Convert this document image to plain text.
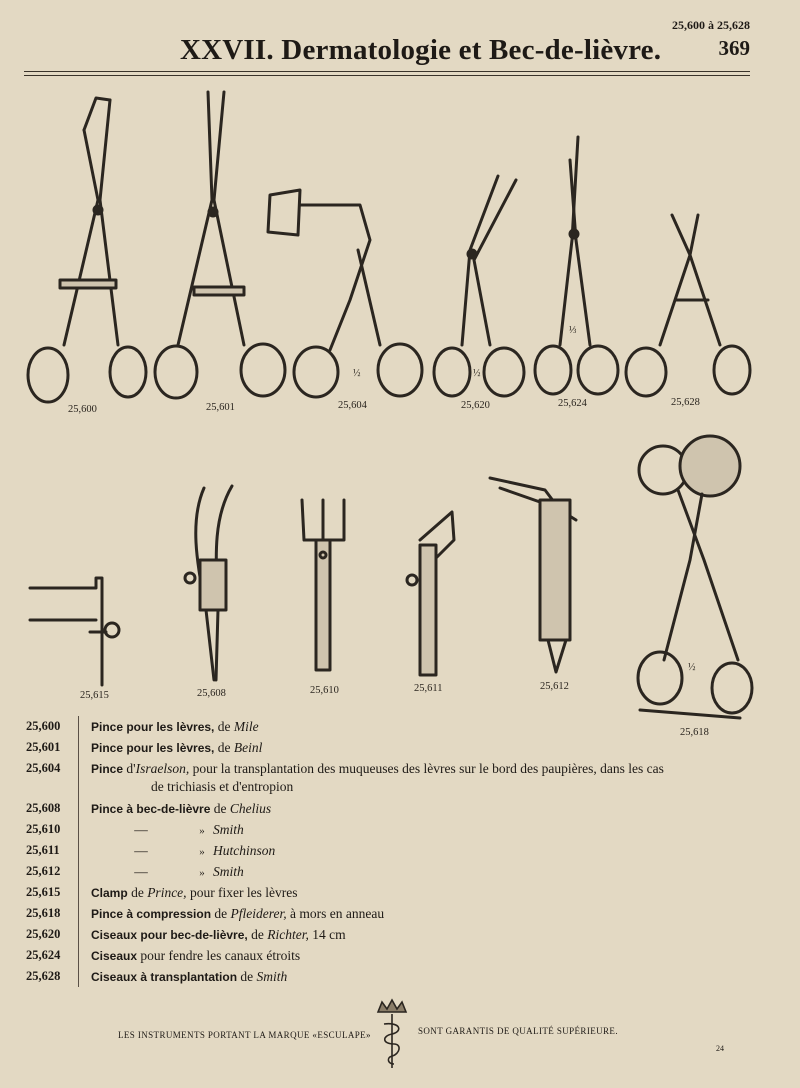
25,600 à 25,628
XXVII. Dermatologie et Bec-de-lièvre.	369
25,600	25,601	25,604	25,620	25,624	25,628
25,615	25,608	25,610	25,611	25,612
25,618
½	½
⅓
½
25,600	Pince pour les lèvres, de Mile
25,601	Pince pour les lèvres, de Beinl
25,604	Pince d'Israelson, pour la transplantation des muqueuses des lèvres sur le bord des paupières, dans les cas
de trichiasis et d'entropion
25,608	Pince à bec-de-lièvre de Chelius
25,610	—	» Smith
25,611	—	» Hutchinson
25,612	—	» Smith
25,615	Clamp de Prince, pour fixer les lèvres
25,618	Pince à compression de Pfleiderer, à mors en anneau
25,620	Ciseaux pour bec-de-lièvre, de Richter, 14 cm
25,624	Ciseaux pour fendre les canaux étroits
25,628	Ciseaux à transplantation de Smith
LES INSTRUMENTS PORTANT LA MARQUE «ESCULAPE»	SONT GARANTIS DE QUALITÉ SUPÉRIEURE.
24
